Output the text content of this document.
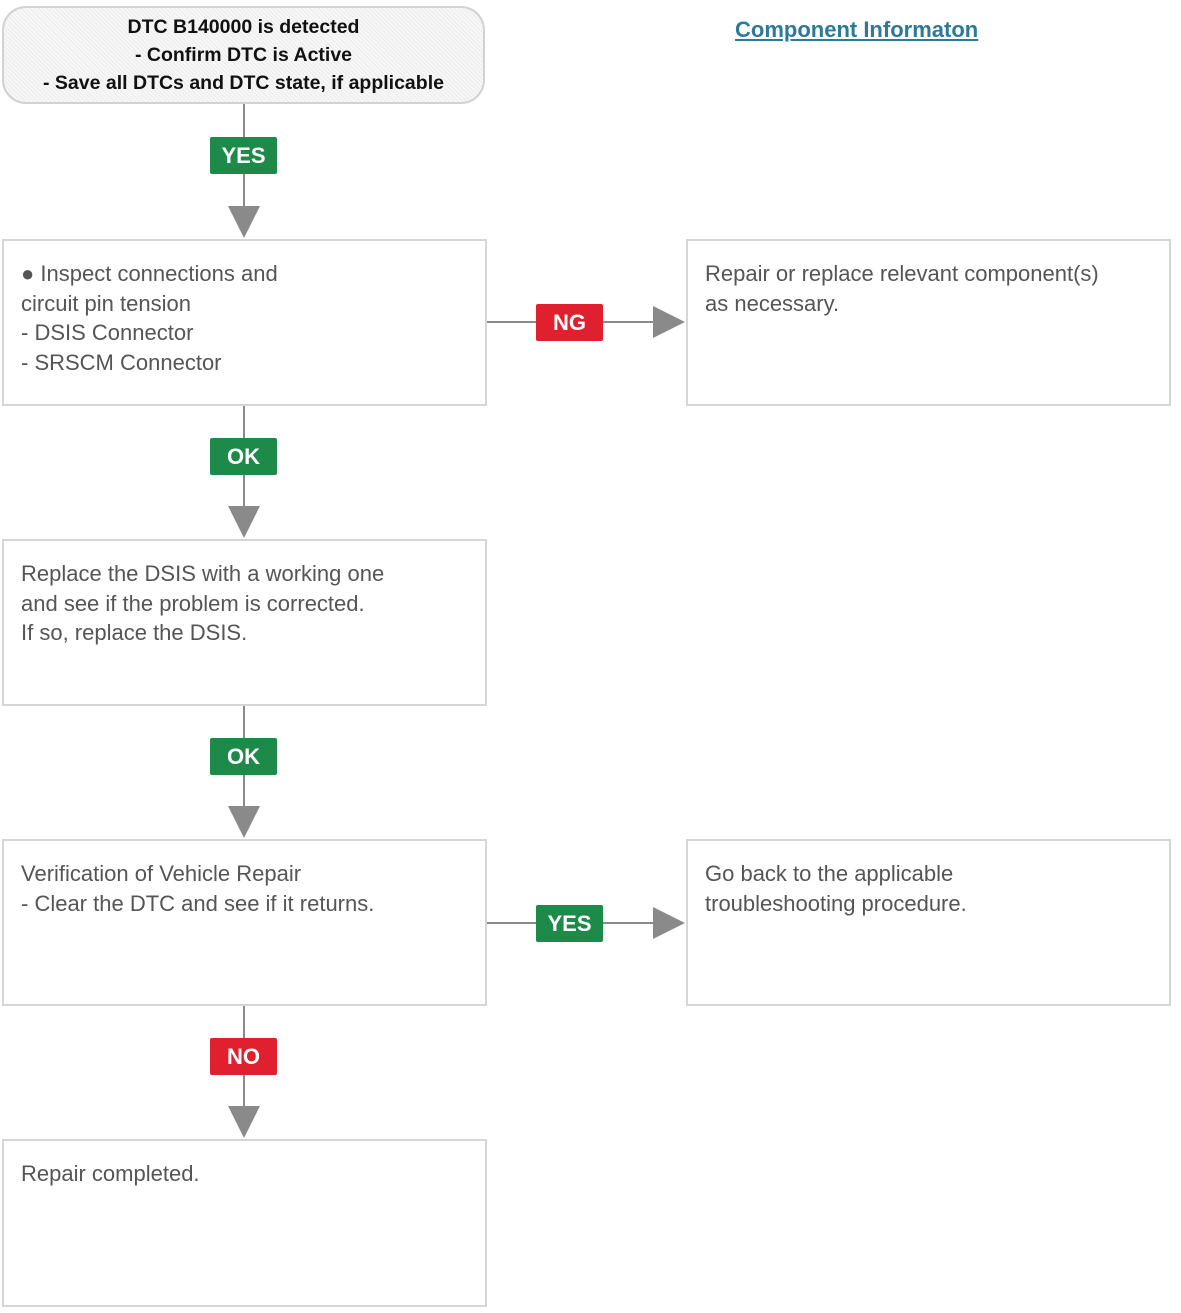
DTC B140000 is detected
- Confirm DTC is Active
- Save all DTCs and DTC state, if applicable
Component Informaton
● Inspect connections and
circuit pin tension
- DSIS Connector
- SRSCM Connector
Repair or replace relevant component(s)
as necessary.
Replace the DSIS with a working one
and see if the problem is corrected.
If so, replace the DSIS.
Verification of Vehicle Repair
- Clear the DTC and see if it returns.
Go back to the applicable
troubleshooting procedure.
Repair completed.
YES
NG
OK
OK
YES
NO
